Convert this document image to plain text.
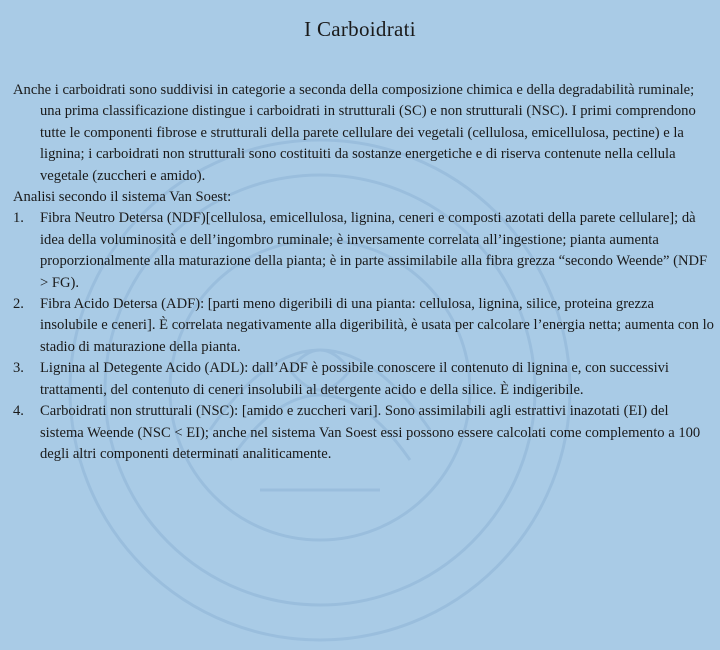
I Carboidrati

Anche i carboidrati sono suddivisi in categorie a seconda della composizione chimica e della degradabilità ruminale; una prima classificazione distingue i carboidrati in strutturali (SC) e non strutturali (NSC). I primi comprendono tutte le componenti fibrose e strutturali della parete cellulare dei vegetali (cellulosa, emicellulosa, pectine) e la lignina; i carboidrati non strutturali sono costituiti da sostanze energetiche e di riserva contenute nella cellula vegetale (zuccheri e amido).

Analisi secondo il sistema Van Soest:

1. Fibra Neutro Detersa (NDF)[cellulosa, emicellulosa, lignina, ceneri e composti azotati della parete cellulare]; dà idea della voluminosità e dell’ingombro ruminale; è inversamente correlata all’ingestione; pianta aumenta proporzionalmente alla maturazione della pianta; è in parte assimilabile alla fibra grezza “secondo Weende” (NDF > FG).
2. Fibra Acido Detersa (ADF): [parti meno digeribili di una pianta: cellulosa, lignina, silice, proteina grezza insolubile e ceneri]. È correlata negativamente alla digeribilità, è usata per calcolare l’energia netta; aumenta con lo stadio di maturazione della pianta.
3. Lignina al Detegente Acido (ADL): dall’ADF è possibile conoscere il contenuto di lignina e, con successivi trattamenti, del contenuto di ceneri insolubili al detergente acido e della silice. È indigeribile.
4. Carboidrati non strutturali (NSC): [amido e zuccheri vari]. Sono assimilabili agli estrattivi inazotati (EI) del sistema Weende (NSC < EI); anche nel sistema Van Soest essi possono essere calcolati come complemento a 100 degli altri componenti determinati analiticamente.
